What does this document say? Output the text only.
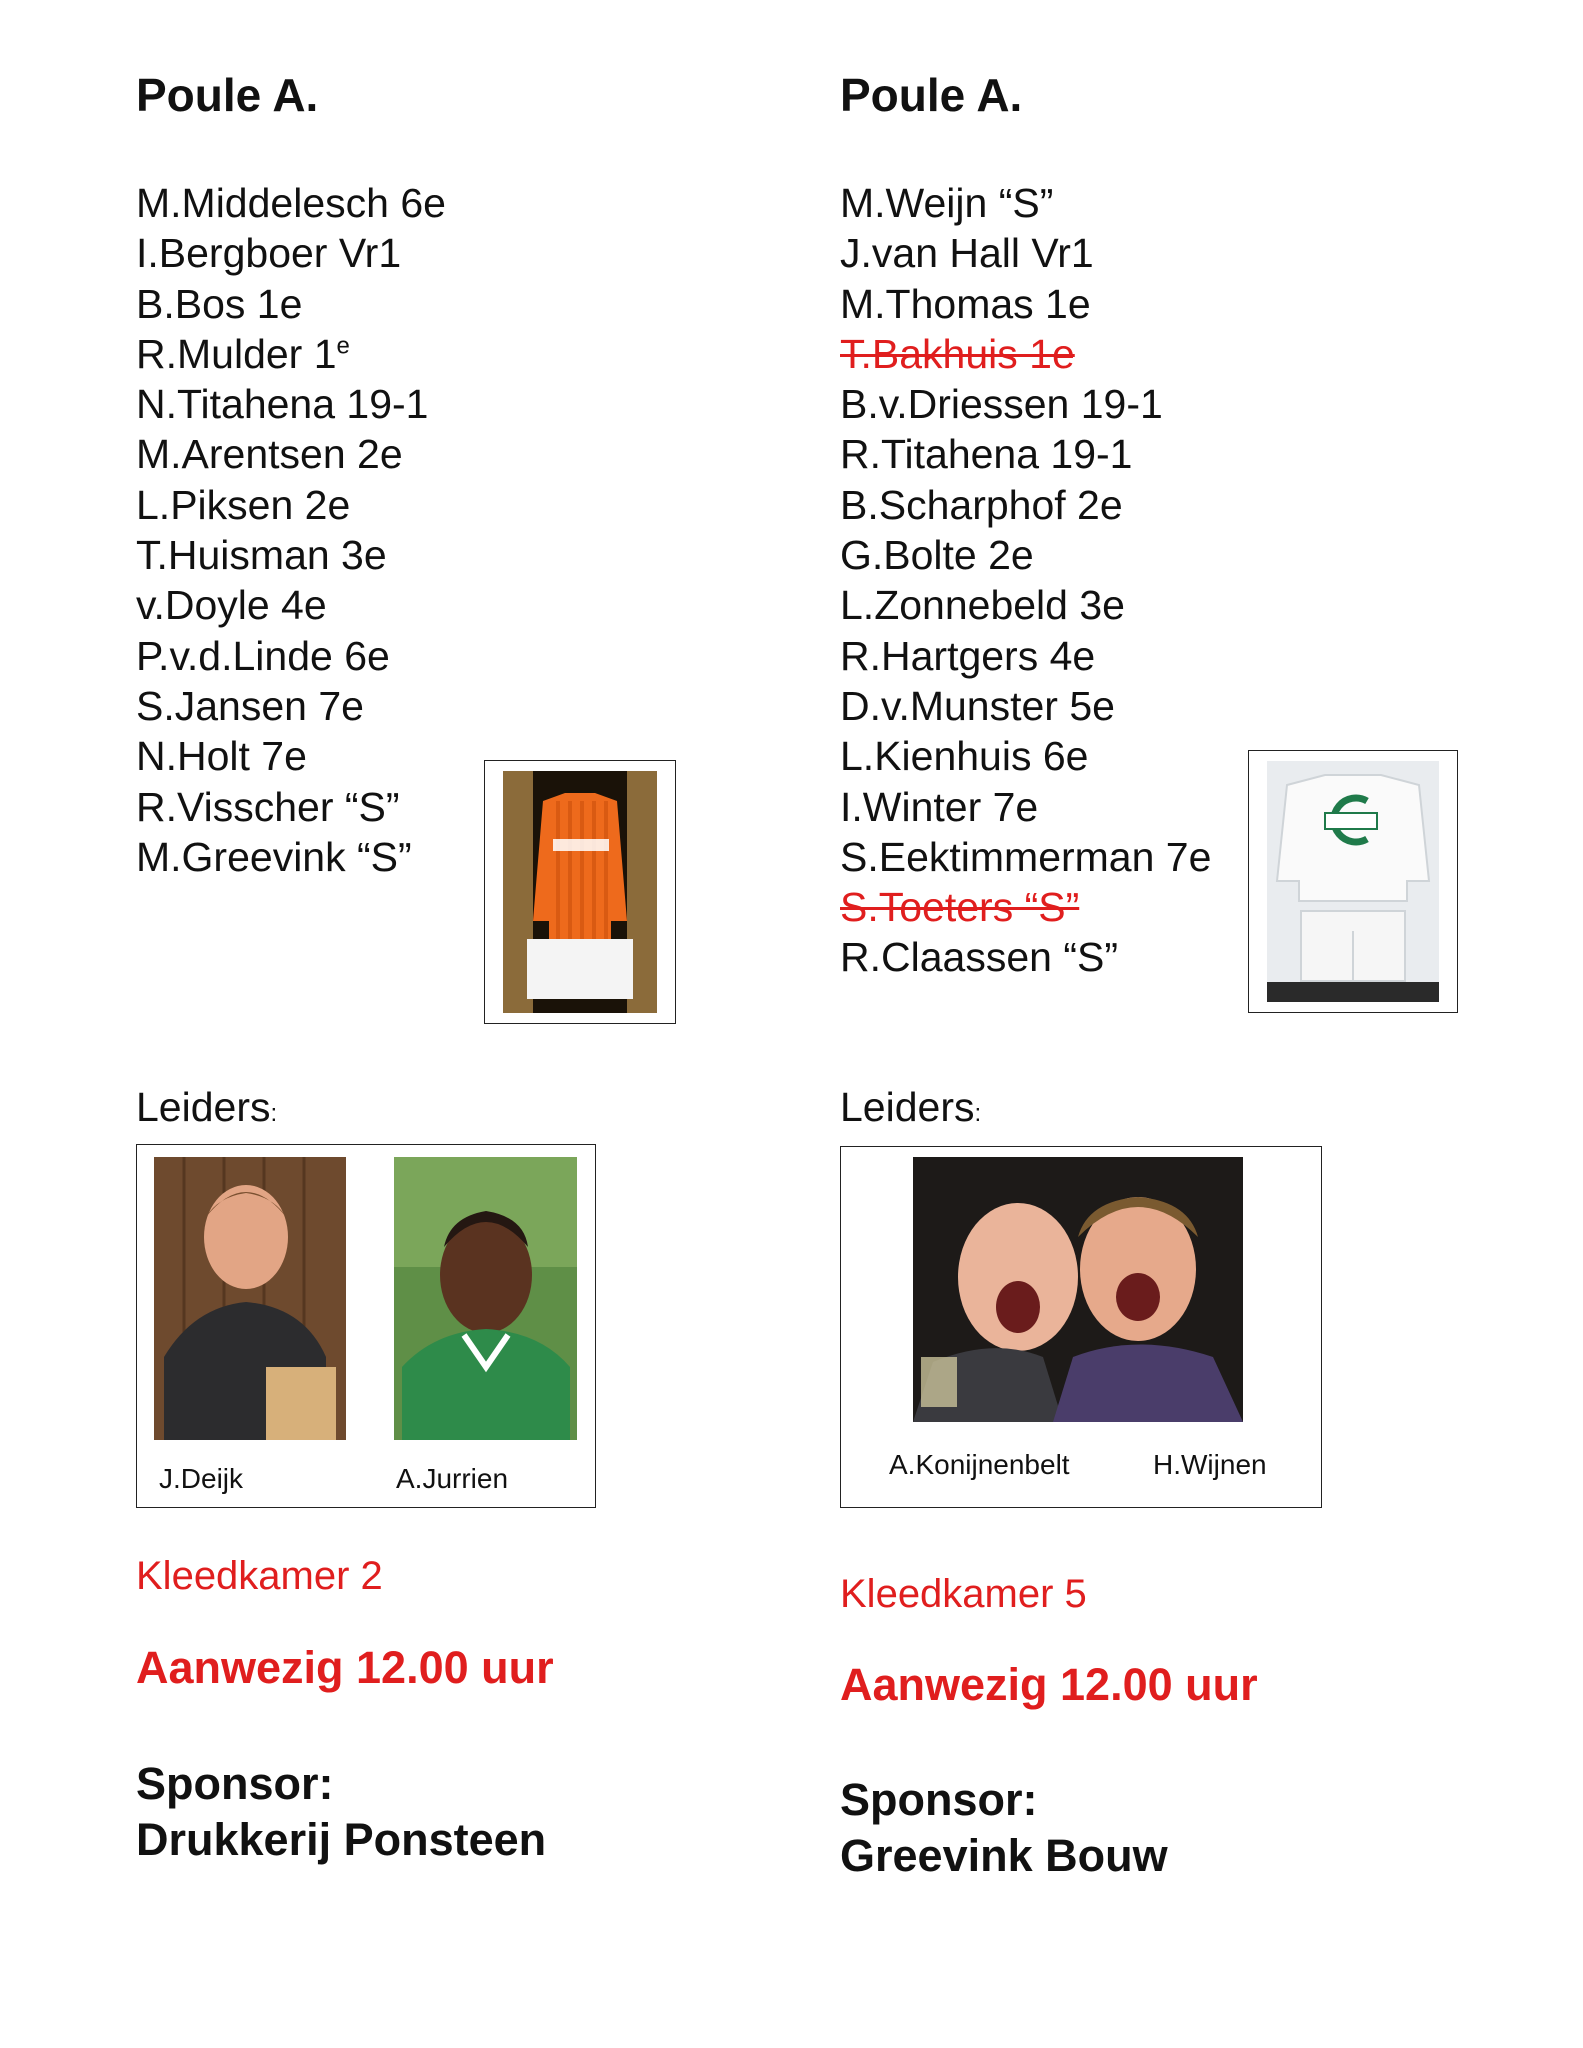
Poule A.
M.Middelesch 6e
I.Bergboer Vr1
B.Bos 1e
R.Mulder 1e
N.Titahena 19-1
M.Arentsen 2e
L.Piksen 2e
T.Huisman 3e
v.Doyle 4e
P.v.d.Linde 6e
S.Jansen 7e
N.Holt 7e
R.Visscher “S”
M.Greevink “S”
Leiders:
J.Deijk	A.Jurrien
Kleedkamer 2
Aanwezig 12.00 uur
Sponsor:
Drukkerij Ponsteen
Poule A.
M.Weijn “S”
J.van Hall Vr1
M.Thomas 1e
T.Bakhuis 1e
B.v.Driessen 19-1
R.Titahena 19-1
B.Scharphof 2e
G.Bolte 2e
L.Zonnebeld 3e
R.Hartgers 4e
D.v.Munster 5e
L.Kienhuis 6e
I.Winter 7e
S.Eektimmerman 7e
S.Toeters “S”
R.Claassen “S”
Leiders:
A.Konijnenbelt	H.Wijnen
Kleedkamer 5
Aanwezig 12.00 uur
Sponsor:
Greevink Bouw
